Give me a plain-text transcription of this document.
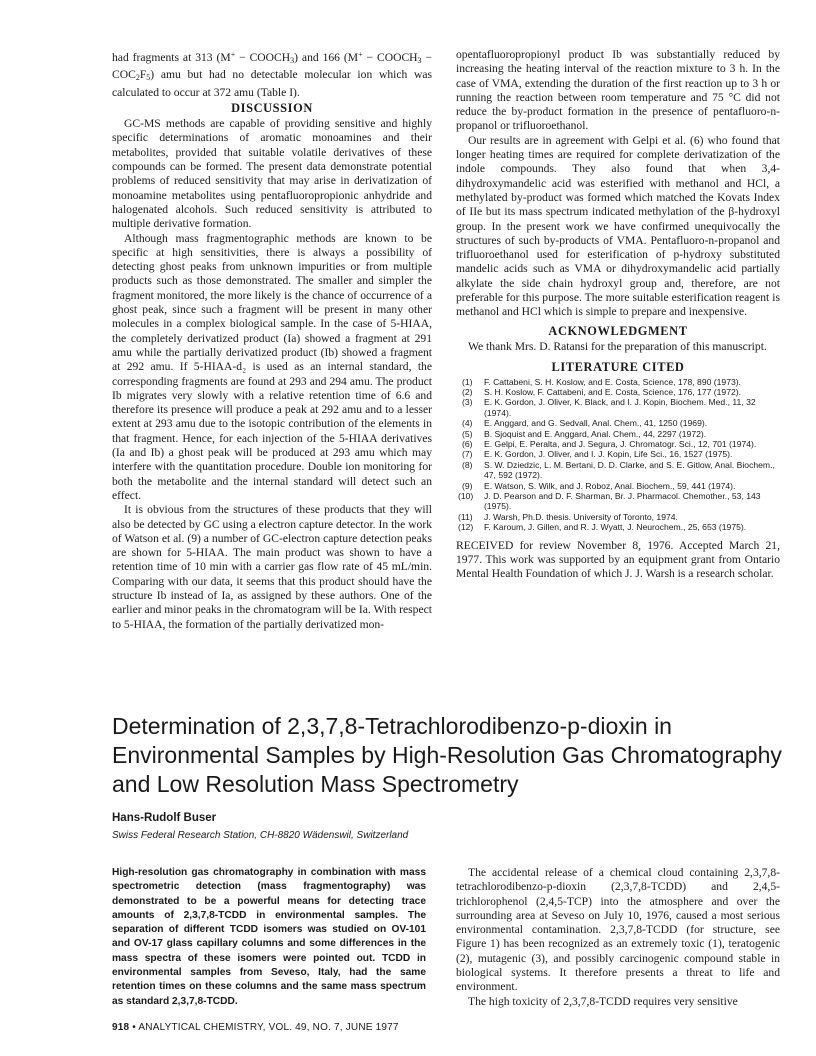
had fragments at 313 $(M^+ - COOCH_3)$ and 166 $(M^+ - COOCH_3 - COC_2F_5)$ amu but had no detectable molecular ion which was calculated to occur at 372 amu (Table I).

DISCUSSION

GC-MS methods are capable of providing sensitive and highly specific determinations of aromatic monoamines and their metabolites, provided that suitable volatile derivatives of these compounds can be formed. The present data demonstrate potential problems of reduced sensitivity that may arise in derivatization of monoamine metabolites using pentafluoropropionic anhydride and halogenated alcohols. Such reduced sensitivity is attributed to multiple derivative formation.

Although mass fragmentographic methods are known to be specific at high sensitivities, there is always a possibility of detecting ghost peaks from unknown impurities or from multiple products such as those demonstrated. The smaller and simpler the fragment monitored, the more likely is the chance of occurrence of a ghost peak, since such a fragment will be present in many other molecules in a complex biological sample. In the case of 5-HIAA, the completely derivatized product (Ia) showed a fragment at 291 amu while the partially derivatized product (Ib) showed a fragment at 292 amu. If 5-HIAA-d₂ is used as an internal standard, the corresponding fragments are found at 293 and 294 amu. The product Ib migrates very slowly with a relative retention time of 6.6 and therefore its presence will produce a peak at 292 amu and to a lesser extent at 293 amu due to the isotopic contribution of the elements in that fragment. Hence, for each injection of the 5-HIAA derivatives (Ia and Ib) a ghost peak will be produced at 293 amu which may interfere with the quantitation procedure. Double ion monitoring for both the metabolite and the internal standard will detect such an effect.

It is obvious from the structures of these products that they will also be detected by GC using a electron capture detector. In the work of Watson et al. (9) a number of GC-electron capture detection peaks are shown for 5-HIAA. The main product was shown to have a retention time of 10 min with a carrier gas flow rate of 45 mL/min. Comparing with our data, it seems that this product should have the structure Ib instead of Ia, as assigned by these authors. One of the earlier and minor peaks in the chromatogram will be Ia. With respect to 5-HIAA, the formation of the partially derivatized mon-

opentafluoropropionyl product Ib was substantially reduced by increasing the heating interval of the reaction mixture to 3 h. In the case of VMA, extending the duration of the first reaction up to 3 h or running the reaction between room temperature and 75 °C did not reduce the by-product formation in the presence of pentafluoro-n-propanol or trifluoroethanol.

Our results are in agreement with Gelpi et al. (6) who found that longer heating times are required for complete derivatization of the indole compounds. They also found that when 3,4-dihydroxymandelic acid was esterified with methanol and HCl, a methylated by-product was formed which matched the Kovats Index of IIe but its mass spectrum indicated methylation of the β-hydroxyl group. In the present work we have confirmed unequivocally the structures of such by-products of VMA. Pentafluoro-n-propanol and trifluoroethanol used for esterification of p-hydroxy substituted mandelic acids such as VMA or dihydroxymandelic acid partially alkylate the side chain hydroxyl group and, therefore, are not preferable for this purpose. The more suitable esterification reagent is methanol and HCl which is simple to prepare and inexpensive.

ACKNOWLEDGMENT

We thank Mrs. D. Ratansi for the preparation of this manuscript.

LITERATURE CITED
(1) F. Cattabeni, S. H. Koslow, and E. Costa, Science, 178, 890 (1973).
(2) S. H. Koslow, F. Cattabeni, and E. Costa, Science, 176, 177 (1972).
(3) E. K. Gordon, J. Oliver, K. Black, and I. J. Kopin, Biochem. Med., 11, 32 (1974).
(4) E. Anggard, and G. Sedvall, Anal. Chem., 41, 1250 (1969).
(5) B. Sjoquist and E. Anggard, Anal. Chem., 44, 2297 (1972).
(6) E. Gelpi, E. Peralta, and J. Segura, J. Chromatogr. Sci., 12, 701 (1974).
(7) E. K. Gordon, J. Oliver, and I. J. Kopin, Life Sci., 16, 1527 (1975).
(8) S. W. Dziedzic, L. M. Bertani, D. D. Clarke, and S. E. Gitlow, Anal. Biochem., 47, 592 (1972).
(9) E. Watson, S. Wilk, and J. Roboz, Anal. Biochem., 59, 441 (1974).
(10) J. D. Pearson and D. F. Sharman, Br. J. Pharmacol. Chemother., 53, 143 (1975).
(11) J. Warsh, Ph.D. thesis. University of Toronto, 1974.
(12) F. Karoum, J. Gillen, and R. J. Wyatt, J. Neurochem., 25, 653 (1975).

RECEIVED for review November 8, 1976. Accepted March 21, 1977. This work was supported by an equipment grant from Ontario Mental Health Foundation of which J. J. Warsh is a research scholar.

Determination of 2,3,7,8-Tetrachlorodibenzo-p-dioxin in Environmental Samples by High-Resolution Gas Chromatography and Low Resolution Mass Spectrometry
Hans-Rudolf Buser
Swiss Federal Research Station, CH-8820 Wädenswil, Switzerland

High-resolution gas chromatography in combination with mass spectrometric detection (mass fragmentography) was demonstrated to be a powerful means for detecting trace amounts of 2,3,7,8-TCDD in environmental samples. The separation of different TCDD isomers was studied on OV-101 and OV-17 glass capillary columns and some differences in the mass spectra of these isomers were pointed out. TCDD in environmental samples from Seveso, Italy, had the same retention times on these columns and the same mass spectrum as standard 2,3,7,8-TCDD.

The accidental release of a chemical cloud containing 2,3,7,8-tetrachlorodibenzo-p-dioxin (2,3,7,8-TCDD) and 2,4,5-trichlorophenol (2,4,5-TCP) into the atmosphere and over the surrounding area at Seveso on July 10, 1976, caused a most serious environmental contamination. 2,3,7,8-TCDD (for structure, see Figure 1) has been recognized as an extremely toxic (1), teratogenic (2), mutagenic (3), and possibly carcinogenic compound stable in biological systems. It therefore presents a threat to life and environment.

The high toxicity of 2,3,7,8-TCDD requires very sensitive

918 • ANALYTICAL CHEMISTRY, VOL. 49, NO. 7, JUNE 1977
